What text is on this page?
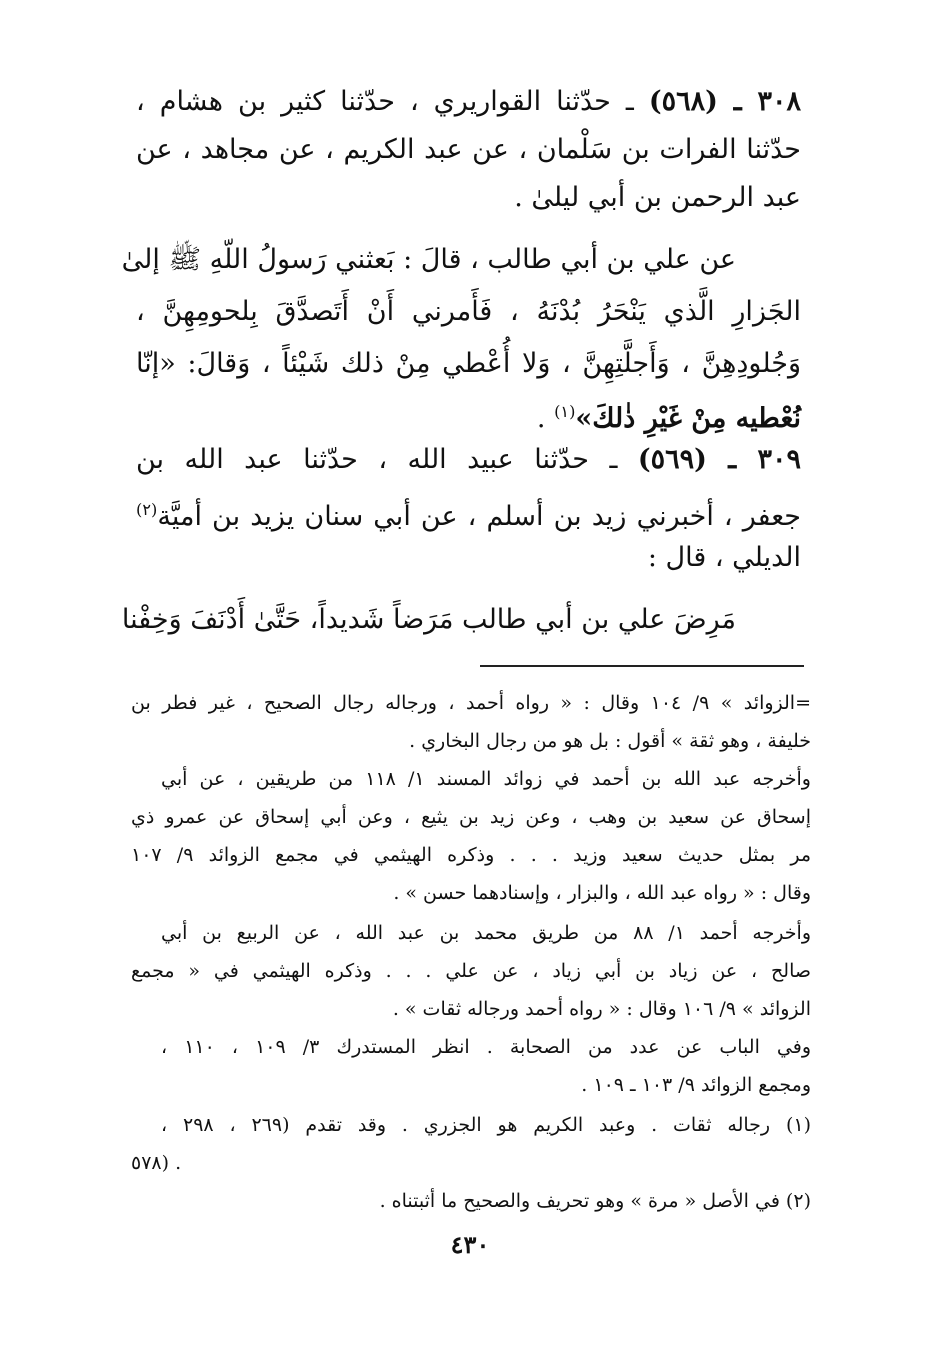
٣٠٨ ـ (٥٦٨) ـ حدّثنا القواريري ، حدّثنا كثير بن هشام ،
حدّثنا الفرات بن سَلْمان ، عن عبد الكريم ، عن مجاهد ، عن
عبد الرحمن بن أبي ليلىٰ .
عن علي بن أبي طالب ، قالَ : بَعثني رَسولُ اللّهِ ﷺ إلىٰ
الجَزارِ الَّذي يَنْحَرُ بُدْنَهُ ، فَأَمرني أَنْ أَتَصدَّقَ بِلحومِهِنَّ ،
وَجُلودِهِنَّ ، وَأَجلَّتِهِنَّ ، وَلا أُعْطي مِنْ ذلك شَيْئاً ، وَقالَ: «إنّا
نُعْطيه مِنْ غَيْرِ ذٰلكَ»$^{(١)}$ .
٣٠٩ ـ (٥٦٩) ـ حدّثنا عبيد الله ، حدّثنا عبد الله بن
جعفر ، أخبرني زيد بن أسلم ، عن أبي سنان يزيد بن أميَّة$^{(٢)}$
الديلي ، قال :
مَرِضَ علي بن أبي طالب مَرَضاً شَديداً، حَتَّىٰ أَدْنَفَ وَخِفْنا
=الزوائد » ٩/ ١٠٤ وقال : « رواه أحمد ، ورجاله رجال الصحيح ، غير فطر بن
خليفة ، وهو ثقة » أقول : بل هو من رجال البخاري .
وأخرجه عبد الله بن أحمد في زوائد المسند ١/ ١١٨ من طريقين ، عن أبي
إسحاق عن سعيد بن وهب ، وعن زيد بن يثيع ، وعن أبي إسحاق عن عمرو ذي
مر بمثل حديث سعيد وزيد . . . وذكره الهيثمي في مجمع الزوائد ٩/ ١٠٧
وقال : « رواه عبد الله ، والبزار ، وإسنادهما حسن » .
وأخرجه أحمد ١/ ٨٨ من طريق محمد بن عبد الله ، عن الربيع بن أبي
صالح ، عن زياد بن أبي زياد ، عن علي . . . وذكره الهيثمي في « مجمع
الزوائد » ٩/ ١٠٦ وقال : « رواه أحمد ورجاله ثقات » .
وفي الباب عن عدد من الصحابة . انظر المستدرك ٣/ ١٠٩ ، ١١٠ ،
ومجمع الزوائد ٩/ ١٠٣ ـ ١٠٩ .
(١) رجاله ثقات . وعبد الكريم هو الجزري . وقد تقدم (٢٦٩ ، ٢٩٨ ،
٥٧٨) .
(٢) في الأصل « مرة » وهو تحريف والصحيح ما أثبتناه .
٤٣٠
